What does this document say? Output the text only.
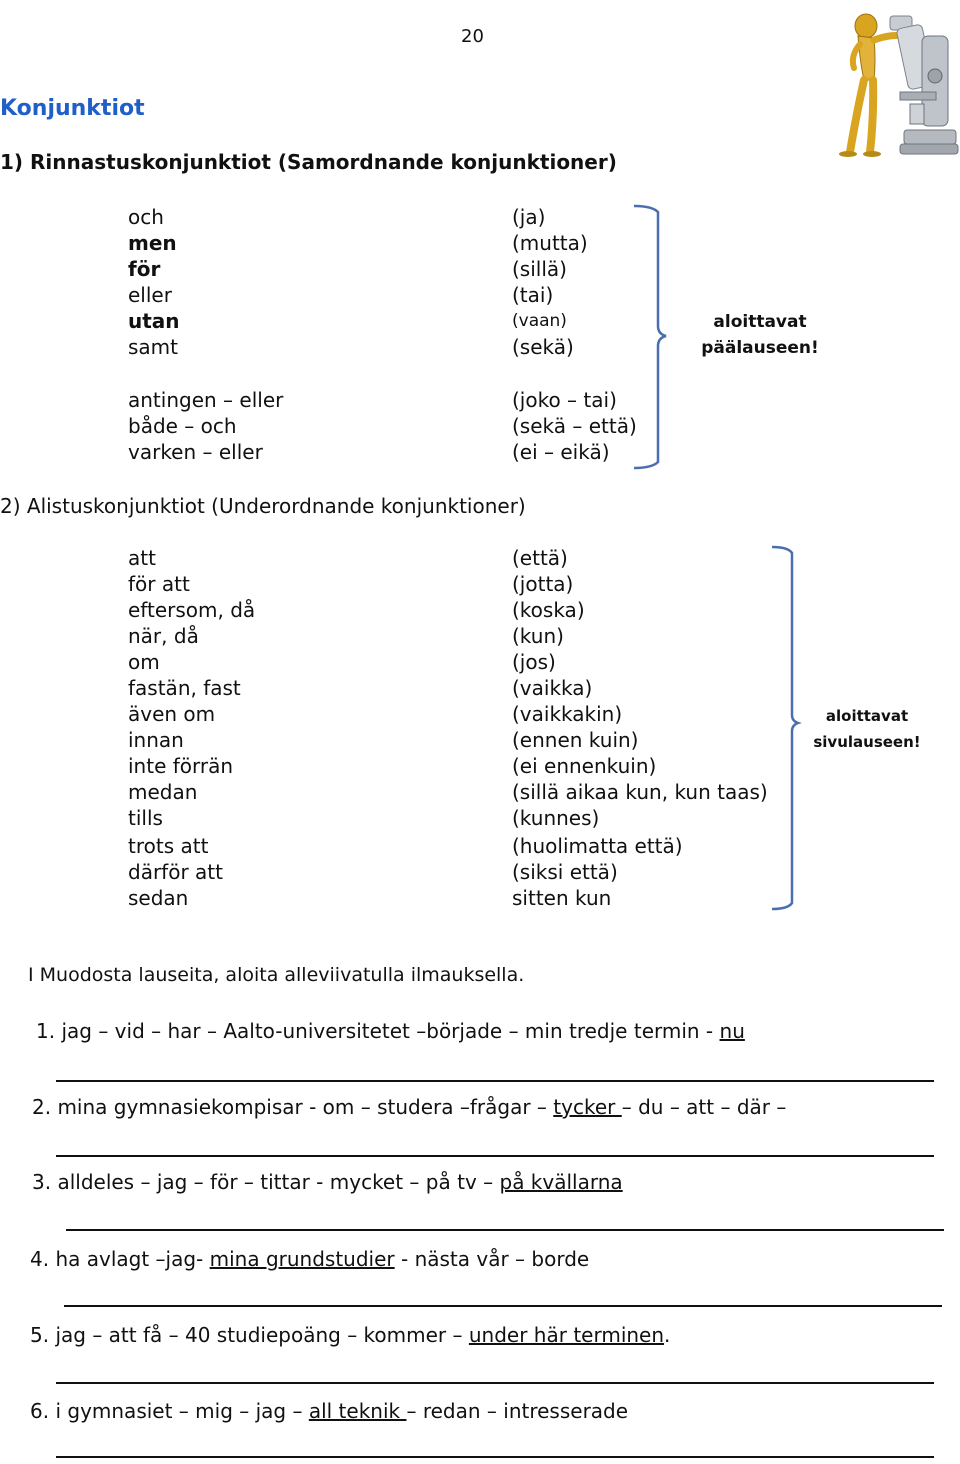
20
Konjunktiot
1) Rinnastuskonjunktiot (Samordnande konjunktioner)
och	(ja)
men	(mutta)
för	(sillä)
eller	(tai)
utan	(vaan)
samt	(sekä)
antingen – eller	(joko – tai)
både – och	(sekä – että)
varken – eller	(ei – eikä)
aloittavat
päälauseen!
2) Alistuskonjunktiot (Underordnande konjunktioner)
att	(että)
för att	(jotta)
eftersom, då	(koska)
när, då	(kun)
om	(jos)
fastän, fast	(vaikka)
även om	(vaikkakin)
innan	(ennen kuin)
inte förrän	(ei ennenkuin)
medan	(sillä aikaa kun, kun taas)
tills	(kunnes)
trots att	(huolimatta että)
därför att	(siksi että)
sedan	sitten kun
aloittavat
sivulauseen!
I Muodosta lauseita, aloita alleviivatulla ilmauksella.
1. jag – vid – har – Aalto-universitetet –började – min tredje termin - nu
2. mina gymnasiekompisar - om – studera –frågar – tycker – du – att – där –
3. alldeles – jag – för – tittar - mycket – på tv – på kvällarna
4. ha avlagt –jag- mina grundstudier - nästa vår – borde
5. jag – att få – 40 studiepoäng – kommer – under här terminen.
6. i gymnasiet – mig – jag – all teknik – redan – intresserade
